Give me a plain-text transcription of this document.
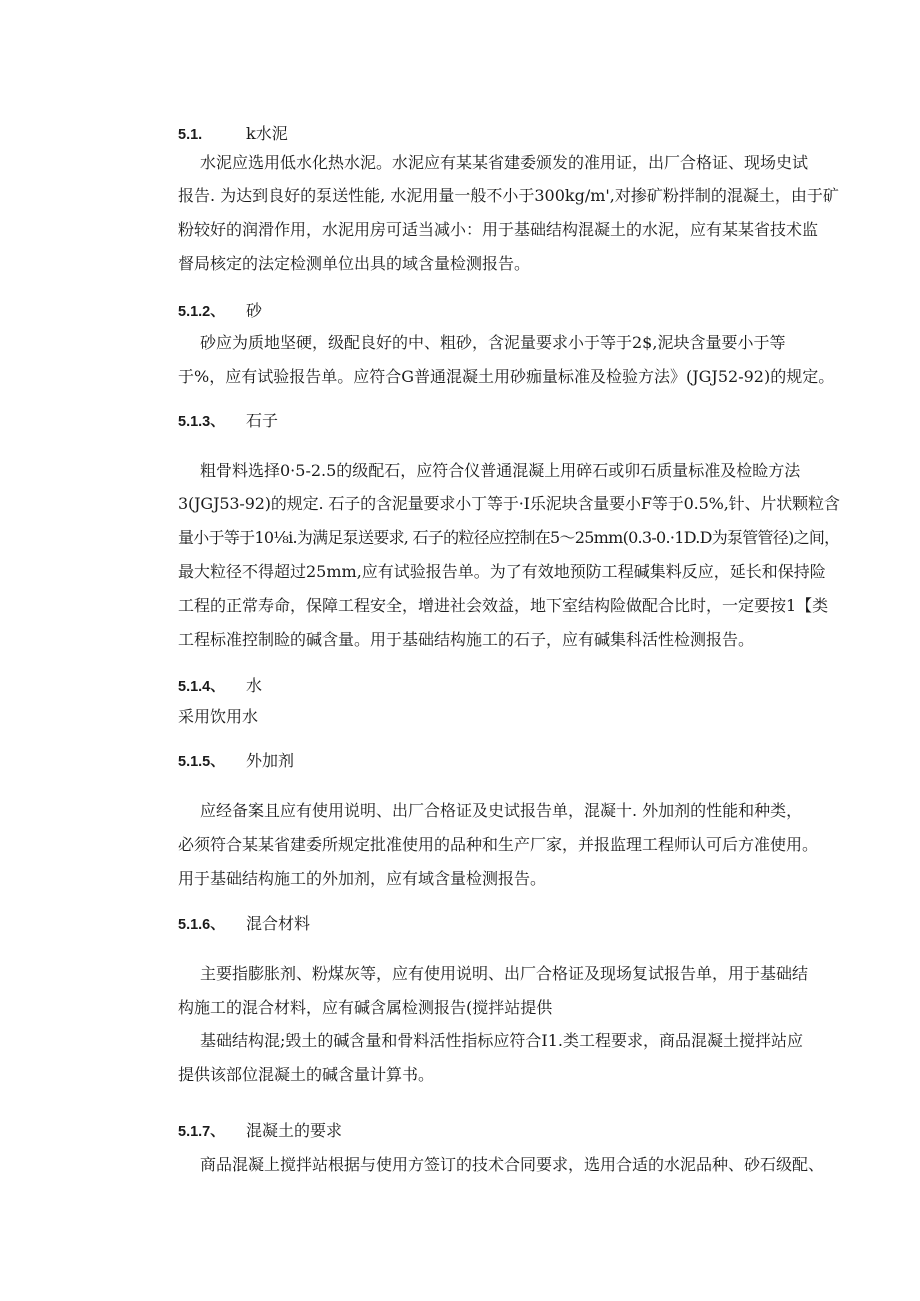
5.1.	k水泥
水泥应选用低水化热水泥。水泥应有某某省建委颁发的准用证，出厂合格证、现场史试
报告. 为达到良好的泵送性能, 水泥用量一般不小于300kg/m',对掺矿粉拌制的混凝土，由于矿
粉较好的润滑作用，水泥用房可适当减小：用于基础结构混凝土的水泥，应有某某省技术监
督局核定的法定检测单位出具的域含量检测报告。
5.1.2、 砂
砂应为质地坚硬，级配良好的中、粗砂，含泥量要求小于等于2$,泥块含量要小于等
于%，应有试验报告单。应符合G普通混凝土用砂痂量标准及检验方法》(JGJ52-92)的规定。
5.1.3、 石子
粗骨料选择0·5-2.5的级配石，应符合仪普通混凝上用碎石或卯石质量标准及检睑方法
3(JGJ53-92)的规定. 石子的含泥量要求小丁等于·I乐泥块含量要小F等于0.5%,针、片状颗粒含
量小于等于10⅛i.为满足泵送要求, 石子的粒径应控制在5～25mm(0.3-0.·1D.D为泵管管径)之间，
最大粒径不得超过25mm,应有试验报告单。为了有效地预防工程碱集料反应，延长和保持险
工程的正常寿命，保障工程安全，增进社会效益，地下室结构险做配合比时，一定要按1【类
工程标准控制睑的碱含量。用于基础结构施工的石子，应有碱集科活性检测报告。
5.1.4、 水
采用饮用水
5.1.5、 外加剂
应经备案且应有使用说明、出厂合格证及史试报告单，混凝十. 外加剂的性能和种类，
必须符合某某省建委所规定批准使用的品种和生产厂家，并报监理工程师认可后方准使用。
用于基础结构施工的外加剂，应有域含量检测报告。
5.1.6、 混合材料
主要指膨胀剂、粉煤灰等，应有使用说明、出厂合格证及现场复试报告单，用于基础结
构施工的混合材料，应有碱含属检测报告(搅拌站提供
基础结构混;毁土的碱含量和骨料活性指标应符合I1.类工程要求，商品混凝土搅拌站应
提供该部位混凝土的碱含量计算书。
5.1.7、 混凝土的要求
商品混凝上搅拌站根据与使用方签订的技术合同要求，选用合适的水泥品种、砂石级配、
